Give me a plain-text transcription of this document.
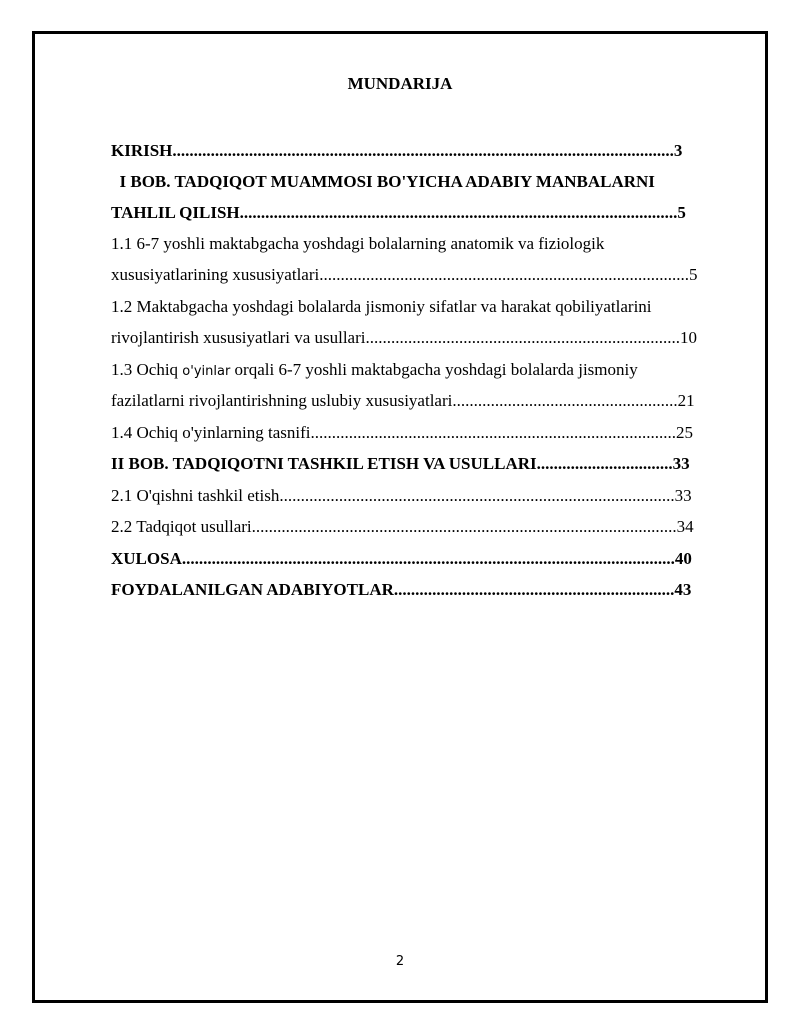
MUNDARIJA
KIRISH......................................................................................................................3
I BOB. TADQIQOT MUAMMOSI BO'YICHA ADABIY MANBALARNI
TAHLIL QILISH.......................................................................................................5
1.1 6-7 yoshli maktabgacha yoshdagi bolalarning anatomik va fiziologik
xususiyatlarining xususiyatlari.......................................................................................5
1.2 Maktabgacha yoshdagi bolalarda jismoniy sifatlar va harakat qobiliyatlarini
rivojlantirish xususiyatlari va usullari..........................................................................10
1.3 Ochiq o'yinlar orqali 6-7 yoshli maktabgacha yoshdagi bolalarda jismoniy
fazilatlarni rivojlantirishning uslubiy xususiyatlari.....................................................21
1.4 Ochiq o'yinlarning tasnifi......................................................................................25
II BOB. TADQIQOTNI TASHKIL ETISH VA USULLARI................................33
2.1 O'qishni tashkil etish.............................................................................................33
2.2 Tadqiqot usullari....................................................................................................34
XULOSA....................................................................................................................40
FOYDALANILGAN ADABIYOTLAR..................................................................43
2
